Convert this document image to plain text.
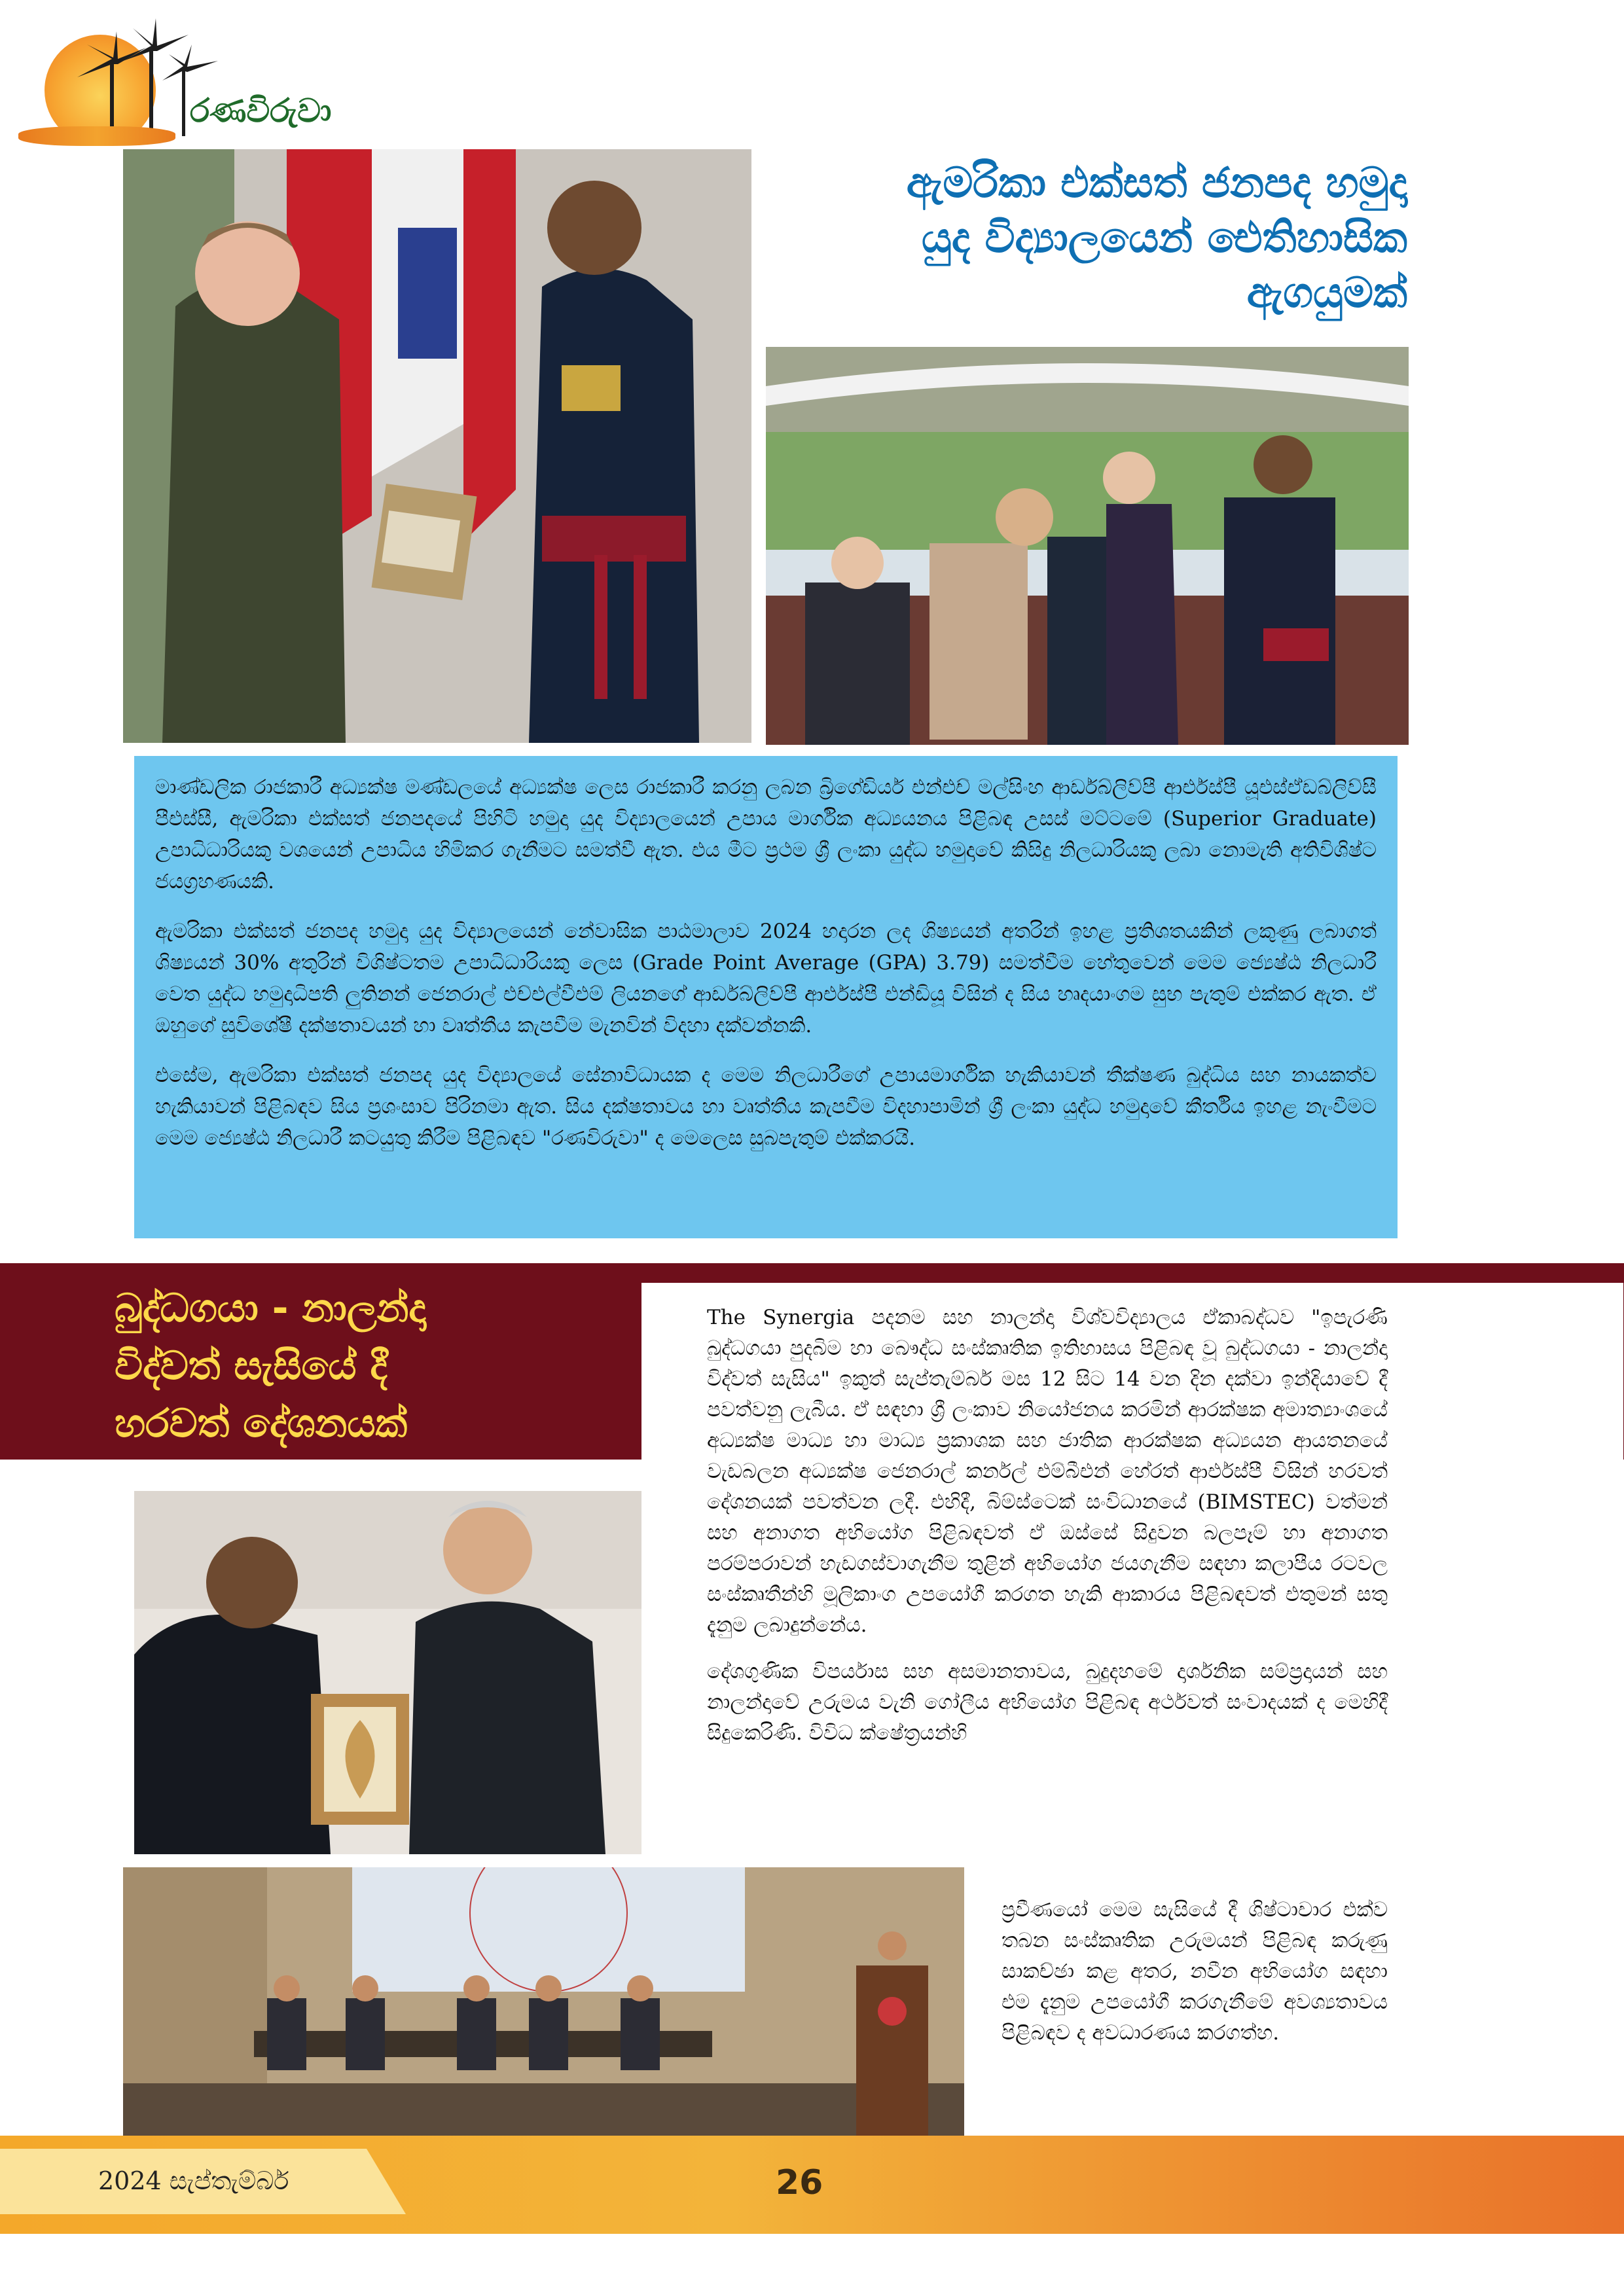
රණවිරුවා
ඇමරිකා එක්සත් ජනපද හමුදා
යුද විද්‍යාලයෙන් ඓතිහාසික
ඇගයුමක්

මාණ්ඩලික රාජකාරී අධ්‍යක්ෂ මණ්ඩලයේ අධ්‍යක්ෂ ලෙස රාජකාරී කරනු ලබන බ්‍රිගේඩියර් එන්එච් මල්සිංහ ආර්ඩබ්ලිව්පී ආර්එස්පී යූඑස්ඒඩබ්ලිව්සී පීඑස්සී, ඇමරිකා එක්සත් ජනපදයේ පිහිටි හමුදා යුද විද්‍යාලයෙන් උපාය මාර්ගික අධ්‍යයනය පිළිබඳ උසස් මට්ටමේ (Superior Graduate) උපාධිධාරියකු වශයෙන් උපාධිය හිමිකර ගැනීමට සමත්වී ඇත. එය මීට ප්‍රථම ශ්‍රී ලංකා යුද්ධ හමුදාවේ කිසිදු නිලධාරියකු ලබා නොමැති අතිවිශිෂ්ට ජයග්‍රහණයකි.

ඇමරිකා එක්සත් ජනපද හමුදා යුද විද්‍යාලයෙන් නේවාසික පාඨමාලාව 2024 හදාරන ලද ශිෂ්‍යයන් අතරින් ඉහළ ප්‍රතිශතයකින් ලකුණු ලබාගත් ශිෂ්‍යයන් 30% අතුරින් විශිෂ්ටතම උපාධිධාරියකු ලෙස (Grade Point Average (GPA) 3.79) සමත්වීම හේතුවෙන් මෙම ජ්‍යෙෂ්ඨ නිලධාරී වෙත යුද්ධ හමුදාධිපති ලුතිනන් ජෙනරාල් එච්එල්වීඑම් ලියනගේ ආර්ඩබ්ලිව්පී ආර්එස්පී එන්ඩියූ විසින් ද සිය හෘදයාංගම සුභ පැතුම් එක්කර ඇත. ඒ ඔහුගේ සුවිශේෂී දක්ෂතාවයන් හා වෘත්තීය කැපවීම මැනවින් විදහා දක්වන්නකි.

එසේම, ඇමරිකා එක්සත් ජනපද යුද විද්‍යාලයේ සේනාවිධායක ද මෙම නිලධාරීගේ උපායමාර්ගික හැකියාවන් තීක්ෂණ බුද්ධිය සහ නායකත්ව හැකියාවන් පිළිබඳව සිය ප්‍රශංසාව පිරිනමා ඇත. සිය දක්ෂතාවය හා වෘත්තීය කැපවීම විදහාපාමින් ශ්‍රී ලංකා යුද්ධ හමුදාවේ කීර්තිය ඉහළ නැංවීමට මෙම ජ්‍යෙෂ්ඨ නිලධාරී කටයුතු කිරීම පිළිබඳව "රණවිරුවා" ද මෙලෙස සුබපැතුම් එක්කරයි.

බුද්ධගයා - නාලන්දා
විද්වත් සැසියේ දී
හරවත් දේශනයක්

The Synergia පදනම සහ නාලන්දා විශ්වවිද්‍යාලය ඒකාබද්ධව "ඉපැරණි බුද්ධගයා පුදබිම හා බෞද්ධ සංස්කෘතික ඉතිහාසය පිළිබඳ වූ බුද්ධගයා - නාලන්දා විද්වත් සැසිය" ඉකුත් සැප්තැම්බර් මස 12 සිට 14 වන දින දක්වා ඉන්දියාවේ දී පවත්වනු ලැබීය. ඒ සඳහා ශ්‍රී ලංකාව නියෝජනය කරමින් ආරක්ෂක අමාත්‍යාංශයේ අධ්‍යක්ෂ මාධ්‍ය හා මාධ්‍ය ප්‍රකාශක සහ ජාතික ආරක්ෂක අධ්‍යයන ආයතනයේ වැඩබලන අධ්‍යක්ෂ ජෙනරාල් කර්නල් එම්බීඑන් හේරත් ආර්එස්පී විසින් හරවත් දේශනයක් පවත්වන ලදී. එහිදී, බිම්ස්ටෙක් සංවිධානයේ (BIMSTEC) වත්මන් සහ අනාගත අභියෝග පිළිබඳවත් ඒ ඔස්සේ සිදුවන බලපෑම් හා අනාගත පරම්පරාවන් හැඩගස්වාගැනීම තුළින් අභියෝග ජයගැනීම සඳහා කලාපීය රටවල සංස්කෘතීන්හි මූලිකාංග උපයෝගී කරගත හැකි ආකාරය පිළිබඳවත් එතුමන් සතු දැනුම ලබාදුන්නේය.

දේශගුණික විපර්යාස සහ අසමානතාවය, බුදුදහමේ දාර්ශනික සම්ප්‍රදායන් සහ නාලන්දාවේ උරුමය වැනි ගෝලීය අභියෝග පිළිබඳ අර්ථවත් සංවාදයක් ද මෙහිදී සිදුකෙරිණි. විවිධ ක්ෂේත්‍රයන්හි

ප්‍රවීණයෝ මෙම සැසියේ දී ශිෂ්ටාචාර එක්ව තබන සංස්කෘතික උරුමයන් පිළිබඳ කරුණු සාකච්ඡා කළ අතර, නවීන අභියෝග සඳහා එම දැනුම උපයෝගී කරගැනීමේ අවශ්‍යතාවය පිළිබඳව ද අවධාරණය කරගත්හ.

2024 සැප්තැම්බර්	26
